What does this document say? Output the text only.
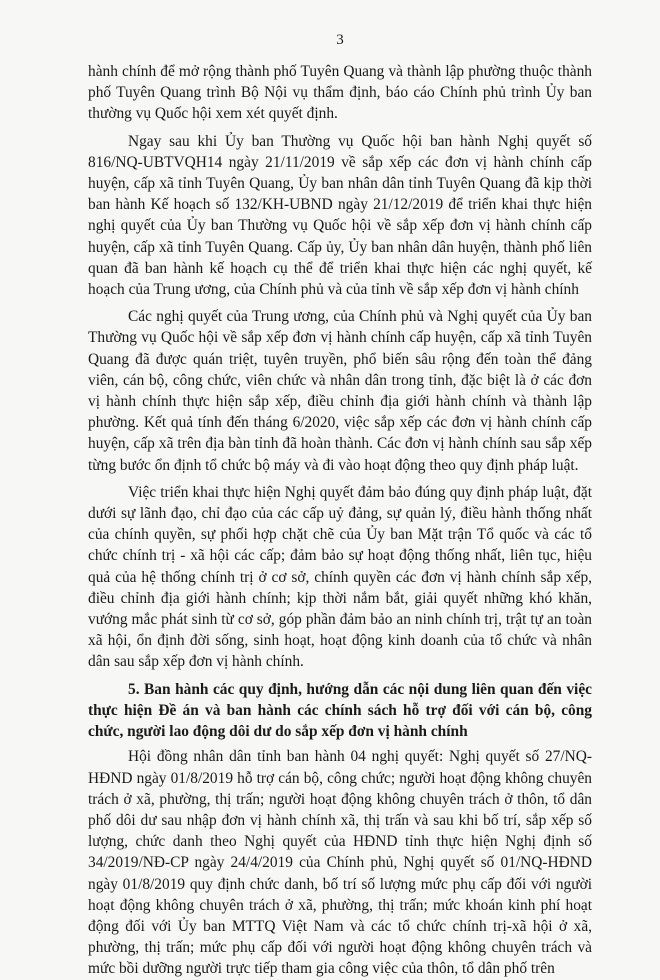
3

hành chính để mở rộng thành phố Tuyên Quang và thành lập phường thuộc thành phố Tuyên Quang trình Bộ Nội vụ thẩm định, báo cáo Chính phủ trình Ủy ban thường vụ Quốc hội xem xét quyết định.

Ngay sau khi Ủy ban Thường vụ Quốc hội ban hành Nghị quyết số 816/NQ-UBTVQH14 ngày 21/11/2019 về sắp xếp các đơn vị hành chính cấp huyện, cấp xã tỉnh Tuyên Quang, Ủy ban nhân dân tỉnh Tuyên Quang đã kịp thời ban hành Kế hoạch số 132/KH-UBND ngày 21/12/2019 để triển khai thực hiện nghị quyết của Ủy ban Thường vụ Quốc hội về sắp xếp đơn vị hành chính cấp huyện, cấp xã tỉnh Tuyên Quang. Cấp ủy, Ủy ban nhân dân huyện, thành phố liên quan đã ban hành kế hoạch cụ thể để triển khai thực hiện các nghị quyết, kế hoạch của Trung ương, của Chính phủ và của tỉnh về sắp xếp đơn vị hành chính

Các nghị quyết của Trung ương, của Chính phủ và Nghị quyết của Ủy ban Thường vụ Quốc hội về sắp xếp đơn vị hành chính cấp huyện, cấp xã tỉnh Tuyên Quang đã được quán triệt, tuyên truyền, phổ biến sâu rộng đến toàn thể đảng viên, cán bộ, công chức, viên chức và nhân dân trong tỉnh, đặc biệt là ở các đơn vị hành chính thực hiện sắp xếp, điều chỉnh địa giới hành chính và thành lập phường. Kết quả tính đến tháng 6/2020, việc sắp xếp các đơn vị hành chính cấp huyện, cấp xã trên địa bàn tỉnh đã hoàn thành. Các đơn vị hành chính sau sắp xếp từng bước ổn định tổ chức bộ máy và đi vào hoạt động theo quy định pháp luật.

Việc triển khai thực hiện Nghị quyết đảm bảo đúng quy định pháp luật, đặt dưới sự lãnh đạo, chỉ đạo của các cấp uỷ đảng, sự quản lý, điều hành thống nhất của chính quyền, sự phối hợp chặt chẽ của Ủy ban Mặt trận Tổ quốc và các tổ chức chính trị - xã hội các cấp; đảm bảo sự hoạt động thống nhất, liên tục, hiệu quả của hệ thống chính trị ở cơ sở, chính quyền các đơn vị hành chính sắp xếp, điều chỉnh địa giới hành chính; kịp thời nắm bắt, giải quyết những khó khăn, vướng mắc phát sinh từ cơ sở, góp phần đảm bảo an ninh chính trị, trật tự an toàn xã hội, ổn định đời sống, sinh hoạt, hoạt động kinh doanh của tổ chức và nhân dân sau sắp xếp đơn vị hành chính.

5. Ban hành các quy định, hướng dẫn các nội dung liên quan đến việc thực hiện Đề án và ban hành các chính sách hỗ trợ đối với cán bộ, công chức, người lao động dôi dư do sắp xếp đơn vị hành chính

Hội đồng nhân dân tỉnh ban hành 04 nghị quyết: Nghị quyết số 27/NQ-HĐND ngày 01/8/2019 hỗ trợ cán bộ, công chức; người hoạt động không chuyên trách ở xã, phường, thị trấn; người hoạt động không chuyên trách ở thôn, tổ dân phố dôi dư sau nhập đơn vị hành chính xã, thị trấn và sau khi bố trí, sắp xếp số lượng, chức danh theo Nghị quyết của HĐND tỉnh thực hiện Nghị định số 34/2019/NĐ-CP ngày 24/4/2019 của Chính phủ, Nghị quyết số 01/NQ-HĐND ngày 01/8/2019 quy định chức danh, bố trí số lượng mức phụ cấp đối với người hoạt động không chuyên trách ở xã, phường, thị trấn; mức khoán kinh phí hoạt động đối với Ủy ban MTTQ Việt Nam và các tổ chức chính trị-xã hội ở xã, phường, thị trấn; mức phụ cấp đối với người hoạt động không chuyên trách và mức bồi dưỡng người trực tiếp tham gia công việc của thôn, tổ dân phố trên
